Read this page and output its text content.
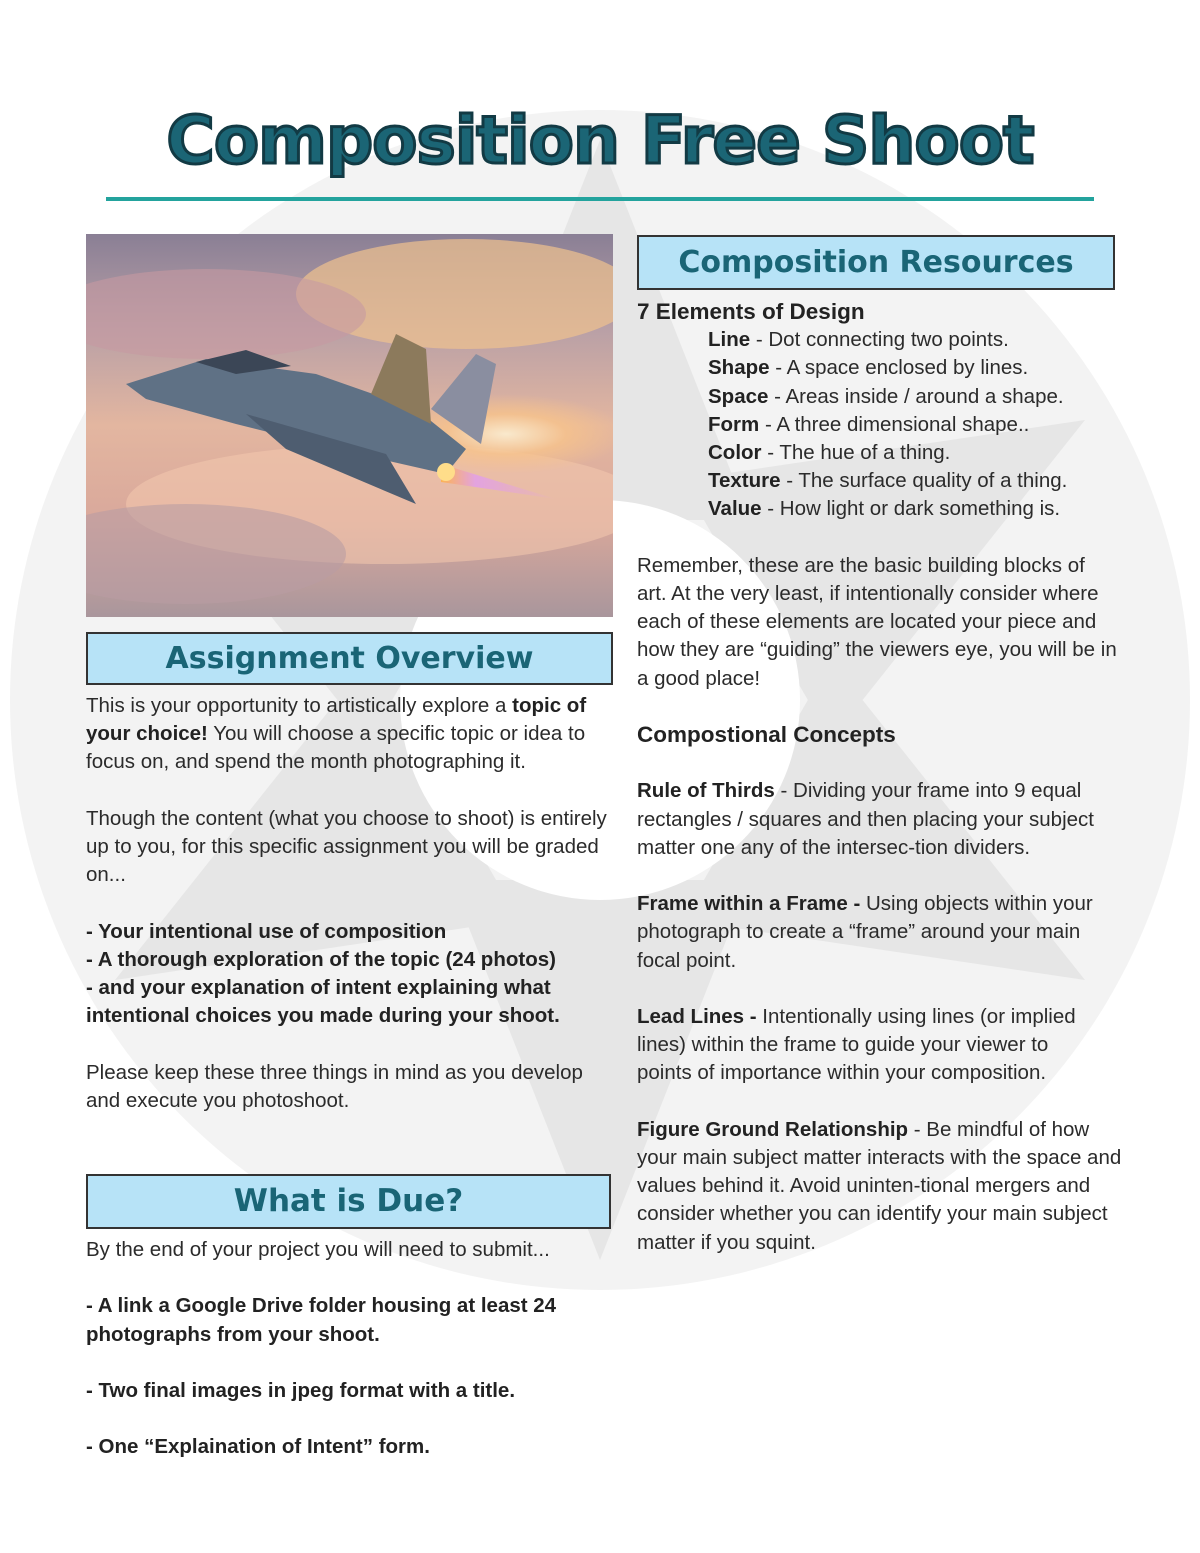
Composition Free Shoot
Assignment Overview

This is your opportunity to artistically explore a topic of your choice! You will choose a specific topic or idea to focus on, and spend the month photographing it.

Though the content (what you choose to shoot) is entirely up to you, for this specific assignment you will be graded on...

- Your intentional use of composition

- A thorough exploration of the topic (24 photos)

- and your explanation of intent explaining what intentional choices you made during your shoot.

Please keep these three things in mind as you develop and execute you photoshoot.

What is Due?

By the end of your project you will need to submit...

- A link a Google Drive folder housing at least 24 photographs from your shoot.

- Two final images in jpeg format with a title.

- One “Explaination of Intent” form.

Composition Resources

7 Elements of Design

Line - Dot connecting two points.

Shape - A space enclosed by lines.

Space - Areas inside / around a shape.

Form - A three dimensional shape..

Color - The hue of a thing.

Texture - The surface quality of a thing.

Value - How light or dark something is.

Remember, these are the basic building blocks of art. At the very least, if intentionally consider where each of these elements are located your piece and how they are “guiding” the viewers eye, you will be in a good place!

Compostional Concepts

Rule of Thirds - Dividing your frame into 9 equal rectangles / squares and then placing your subject matter one any of the intersec-tion dividers.

Frame within a Frame - Using objects within your photograph to create a “frame” around your main focal point.

Lead Lines - Intentionally using lines (or implied lines) within the frame to guide your viewer to points of importance within your composition.

Figure Ground Relationship - Be mindful of how your main subject matter interacts with the space and values behind it. Avoid uninten-tional mergers and consider whether you can identify your main subject matter if you squint.
